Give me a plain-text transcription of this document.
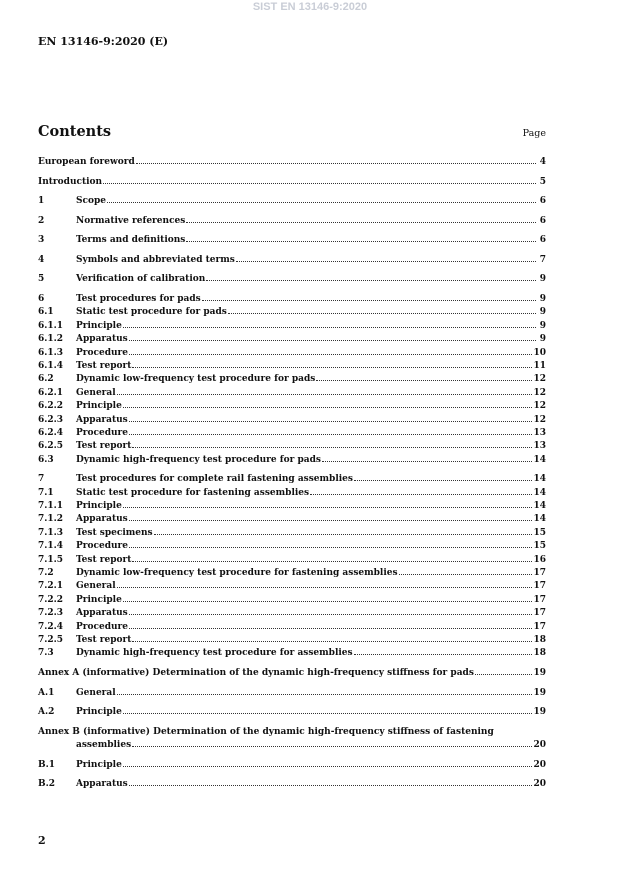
SIST EN 13146-9:2020
EN 13146-9:2020 (E)
Contents	Page
European foreword	4
Introduction	5
1	Scope	6
2	Normative references	6
3	Terms and definitions	6
4	Symbols and abbreviated terms	7
5	Verification of calibration	9
6	Test procedures for pads	9
6.1	Static test procedure for pads	9
6.1.1	Principle	9
6.1.2	Apparatus	9
6.1.3	Procedure	10
6.1.4	Test report	11
6.2	Dynamic low-frequency test procedure for pads	12
6.2.1	General	12
6.2.2	Principle	12
6.2.3	Apparatus	12
6.2.4	Procedure	13
6.2.5	Test report	13
6.3	Dynamic high-frequency test procedure for pads	14
7	Test procedures for complete rail fastening assemblies	14
7.1	Static test procedure for fastening assemblies	14
7.1.1	Principle	14
7.1.2	Apparatus	14
7.1.3	Test specimens	15
7.1.4	Procedure	15
7.1.5	Test report	16
7.2	Dynamic low-frequency test procedure for fastening assemblies	17
7.2.1	General	17
7.2.2	Principle	17
7.2.3	Apparatus	17
7.2.4	Procedure	17
7.2.5	Test report	18
7.3	Dynamic high-frequency test procedure for assemblies	18
Annex A (informative) Determination of the dynamic high-frequency stiffness for pads	19
A.1	General	19
A.2	Principle	19
Annex B (informative) Determination of the dynamic high-frequency stiffness of fastening
assemblies	20
B.1	Principle	20
B.2	Apparatus	20
2
